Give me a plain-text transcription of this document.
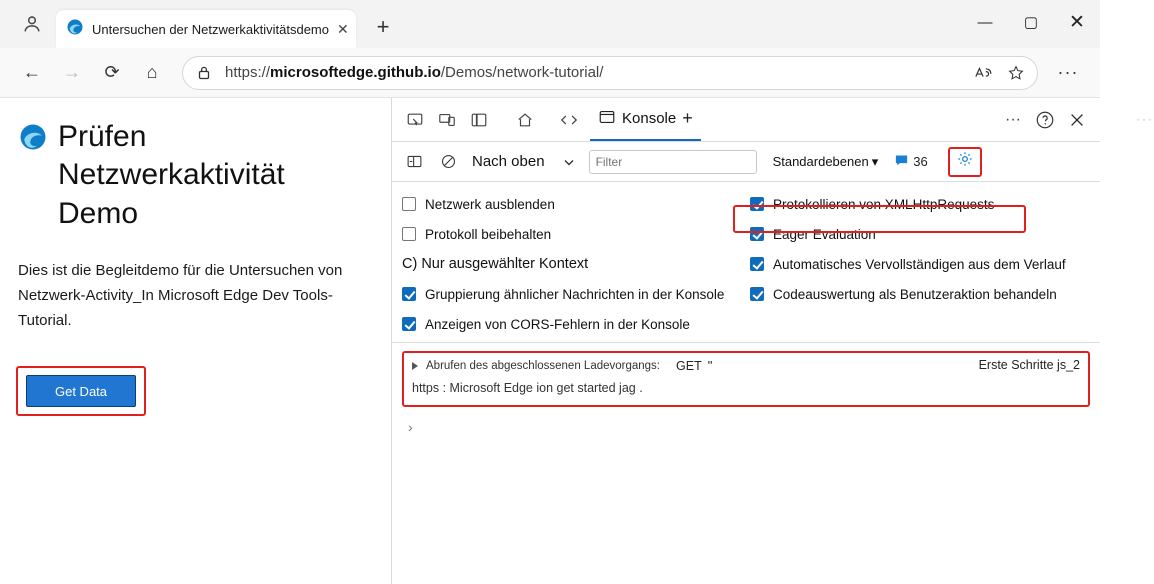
Untersuchen der Netzwerkaktivitätsdemo ✕	+	—	▢	✕
←	→	⟳	⌂	https://microsoftedge.github.io/Demos/network-tutorial/	···
Prüfen Netzwerkaktivität Demo
Dies ist die Begleitdemo für die Untersuchen von Netzwerk-Activity_In Microsoft Edge Dev Tools-Tutorial.
Get Data
Konsole +	···
···
Nach oben
Filter	Standardebenen ▾	36
Netzwerk ausblenden
Protokoll beibehalten
C) Nur ausgewählter Kontext
Gruppierung ähnlicher Nachrichten in der Konsole
Anzeigen von CORS-Fehlern in der Konsole
Protokollieren von XMLHttpRequests
Eager Evaluation
Automatisches Vervollständigen aus dem Verlauf
Codeauswertung als Benutzeraktion behandeln
Abrufen des abgeschlossenen Ladevorgangs: GET "	Erste Schritte js_2
https : Microsoft Edge ion get started jag .
›
